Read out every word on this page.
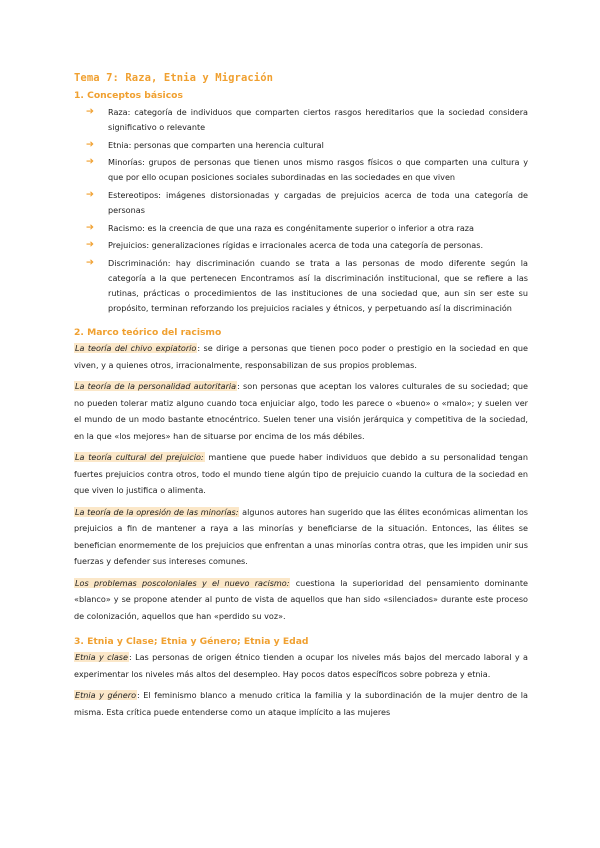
Tema 7: Raza, Etnia y Migración
1. Conceptos básicos
➔ Raza: categoría de individuos que comparten ciertos rasgos hereditarios que la sociedad considera significativo o relevante
➔ Etnia: personas que comparten una herencia cultural
➔ Minorías: grupos de personas que tienen unos mismo rasgos físicos o que comparten una cultura y que por ello ocupan posiciones sociales subordinadas en las sociedades en que viven
➔ Estereotipos: imágenes distorsionadas y cargadas de prejuicios acerca de toda una categoría de personas
➔ Racismo: es la creencia de que una raza es congénitamente superior o inferior a otra raza
➔ Prejuicios: generalizaciones rígidas e irracionales acerca de toda una categoría de personas.
➔ Discriminación: hay discriminación cuando se trata a las personas de modo diferente según la categoría a la que pertenecen Encontramos así la discriminación institucional, que se refiere a las rutinas, prácticas o procedimientos de las instituciones de una sociedad que, aun sin ser este su propósito, terminan reforzando los prejuicios raciales y étnicos, y perpetuando así la discriminación
2. Marco teórico del racismo

La teoría del chivo expiatorio: se dirige a personas que tienen poco poder o prestigio en la sociedad en que viven, y a quienes otros, irracionalmente, responsabilizan de sus propios problemas.

La teoría de la personalidad autoritaria: son personas que aceptan los valores culturales de su sociedad; que no pueden tolerar matiz alguno cuando toca enjuiciar algo, todo les parece o «bueno» o «malo»; y suelen ver el mundo de un modo bastante etnocéntrico. Suelen tener una visión jerárquica y competitiva de la sociedad, en la que «los mejores» han de situarse por encima de los más débiles.

La teoría cultural del prejuicio: mantiene que puede haber individuos que debido a su personalidad tengan fuertes prejuicios contra otros, todo el mundo tiene algún tipo de prejuicio cuando la cultura de la sociedad en que viven lo justifica o alimenta.

La teoría de la opresión de las minorías: algunos autores han sugerido que las élites económicas alimentan los prejuicios a fin de mantener a raya a las minorías y beneficiarse de la situación. Entonces, las élites se benefician enormemente de los prejuicios que enfrentan a unas minorías contra otras, que les impiden unir sus fuerzas y defender sus intereses comunes.

Los problemas poscoloniales y el nuevo racismo: cuestiona la superioridad del pensamiento dominante «blanco» y se propone atender al punto de vista de aquellos que han sido «silenciados» durante este proceso de colonización, aquellos que han «perdido su voz».

3. Etnia y Clase; Etnia y Género; Etnia y Edad

Etnia y clase: Las personas de origen étnico tienden a ocupar los niveles más bajos del mercado laboral y a experimentar los niveles más altos del desempleo. Hay pocos datos específicos sobre pobreza y etnia.

Etnia y género: El feminismo blanco a menudo critica la familia y la subordinación de la mujer dentro de la misma. Esta crítica puede entenderse como un ataque implícito a las mujeres
